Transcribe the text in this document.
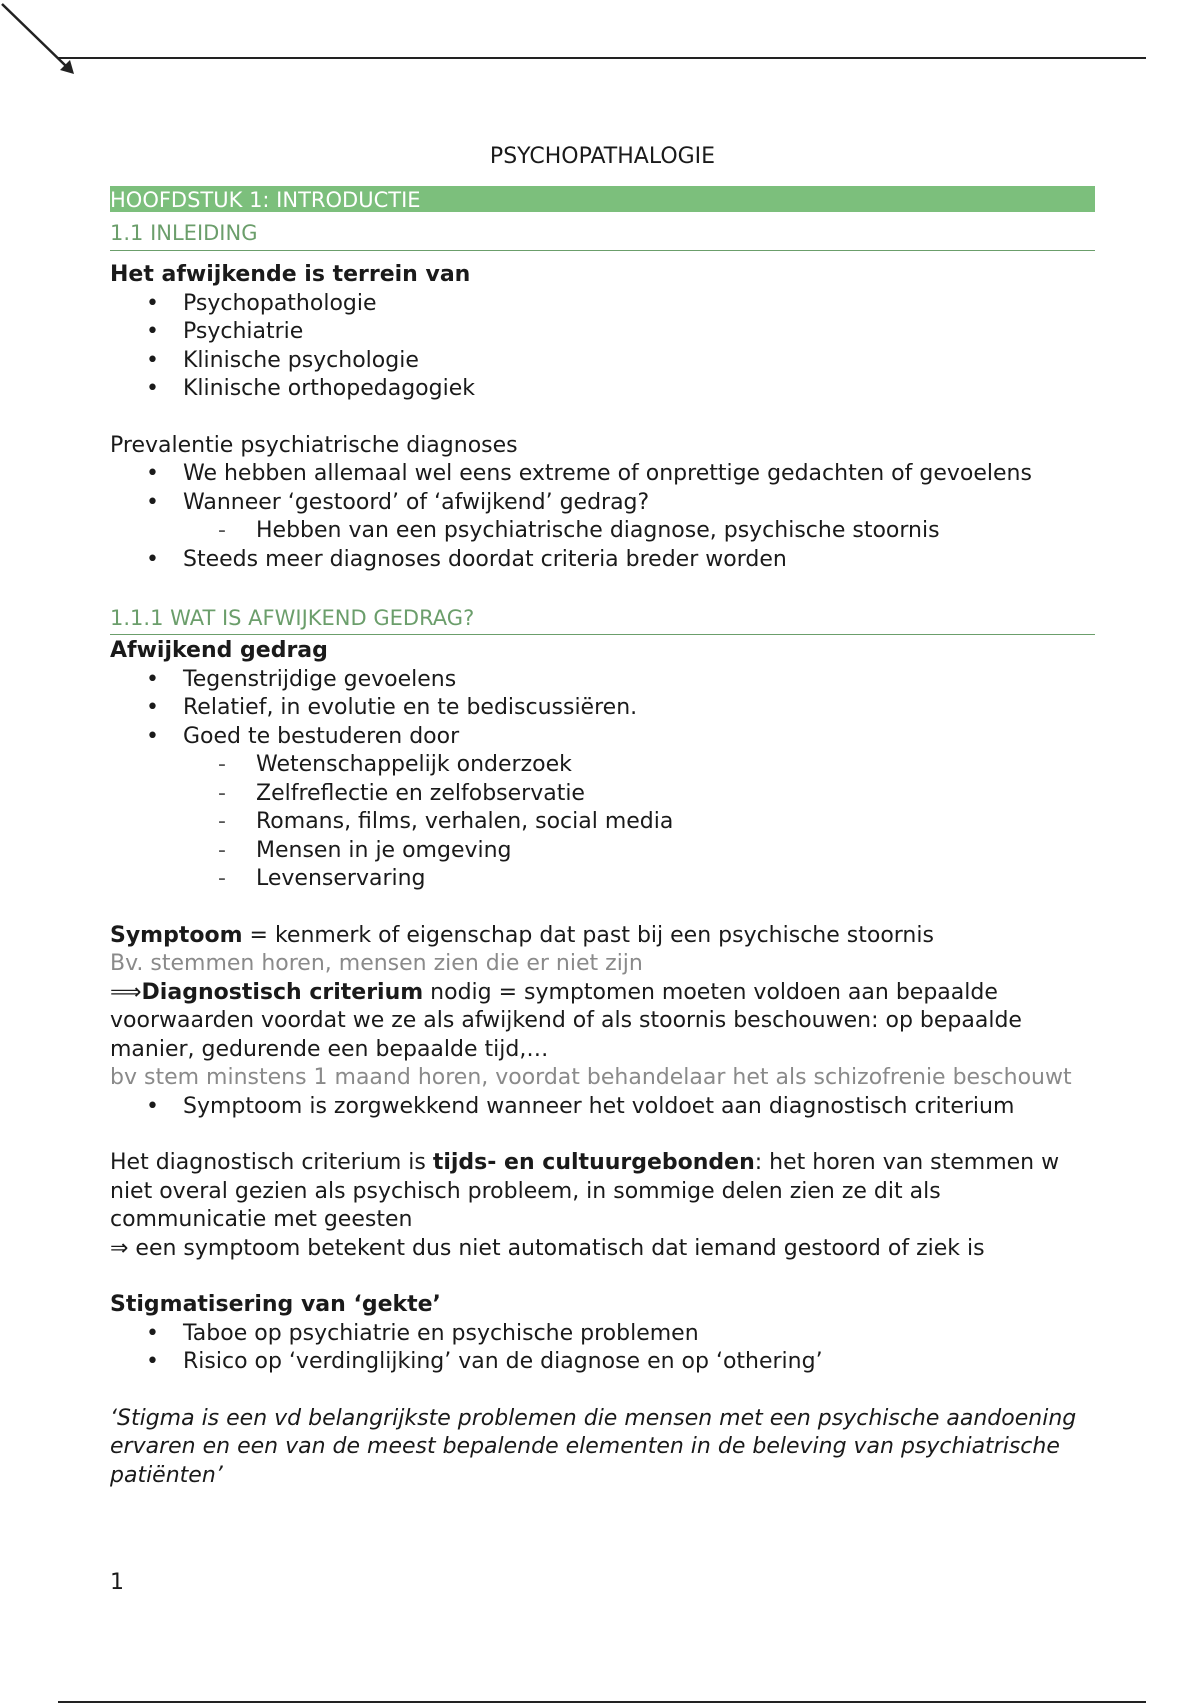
PSYCHOPATHALOGIE
HOOFDSTUK 1: INTRODUCTIE
1.1 INLEIDING

Het afwijkende is terrein van

• Psychopathologie
• Psychiatrie
• Klinische psychologie
• Klinische orthopedagogiek

Prevalentie psychiatrische diagnoses

• We hebben allemaal wel eens extreme of onprettige gedachten of gevoelens
• Wanneer ‘gestoord’ of ‘afwijkend’ gedrag?
- Hebben van een psychiatrische diagnose, psychische stoornis
• Steeds meer diagnoses doordat criteria breder worden
1.1.1 WAT IS AFWIJKEND GEDRAG?

Afwijkend gedrag

• Tegenstrijdige gevoelens
• Relatief, in evolutie en te bediscussiëren.
• Goed te bestuderen door
- Wetenschappelijk onderzoek
- Zelfreflectie en zelfobservatie
- Romans, films, verhalen, social media
- Mensen in je omgeving
- Levenservaring

Symptoom = kenmerk of eigenschap dat past bij een psychische stoornis

Bv. stemmen horen, mensen zien die er niet zijn

⟹Diagnostisch criterium nodig = symptomen moeten voldoen aan bepaalde voorwaarden voordat we ze als afwijkend of als stoornis beschouwen: op bepaalde manier, gedurende een bepaalde tijd,…

bv stem minstens 1 maand horen, voordat behandelaar het als schizofrenie beschouwt

• Symptoom is zorgwekkend wanneer het voldoet aan diagnostisch criterium

Het diagnostisch criterium is tijds- en cultuurgebonden: het horen van stemmen w niet overal gezien als psychisch probleem, in sommige delen zien ze dit als communicatie met geesten

⇒ een symptoom betekent dus niet automatisch dat iemand gestoord of ziek is

Stigmatisering van ‘gekte’

• Taboe op psychiatrie en psychische problemen
• Risico op ‘verdinglijking’ van de diagnose en op ‘othering’

‘Stigma is een vd belangrijkste problemen die mensen met een psychische aandoening ervaren en een van de meest bepalende elementen in de beleving van psychiatrische patiënten’

1
